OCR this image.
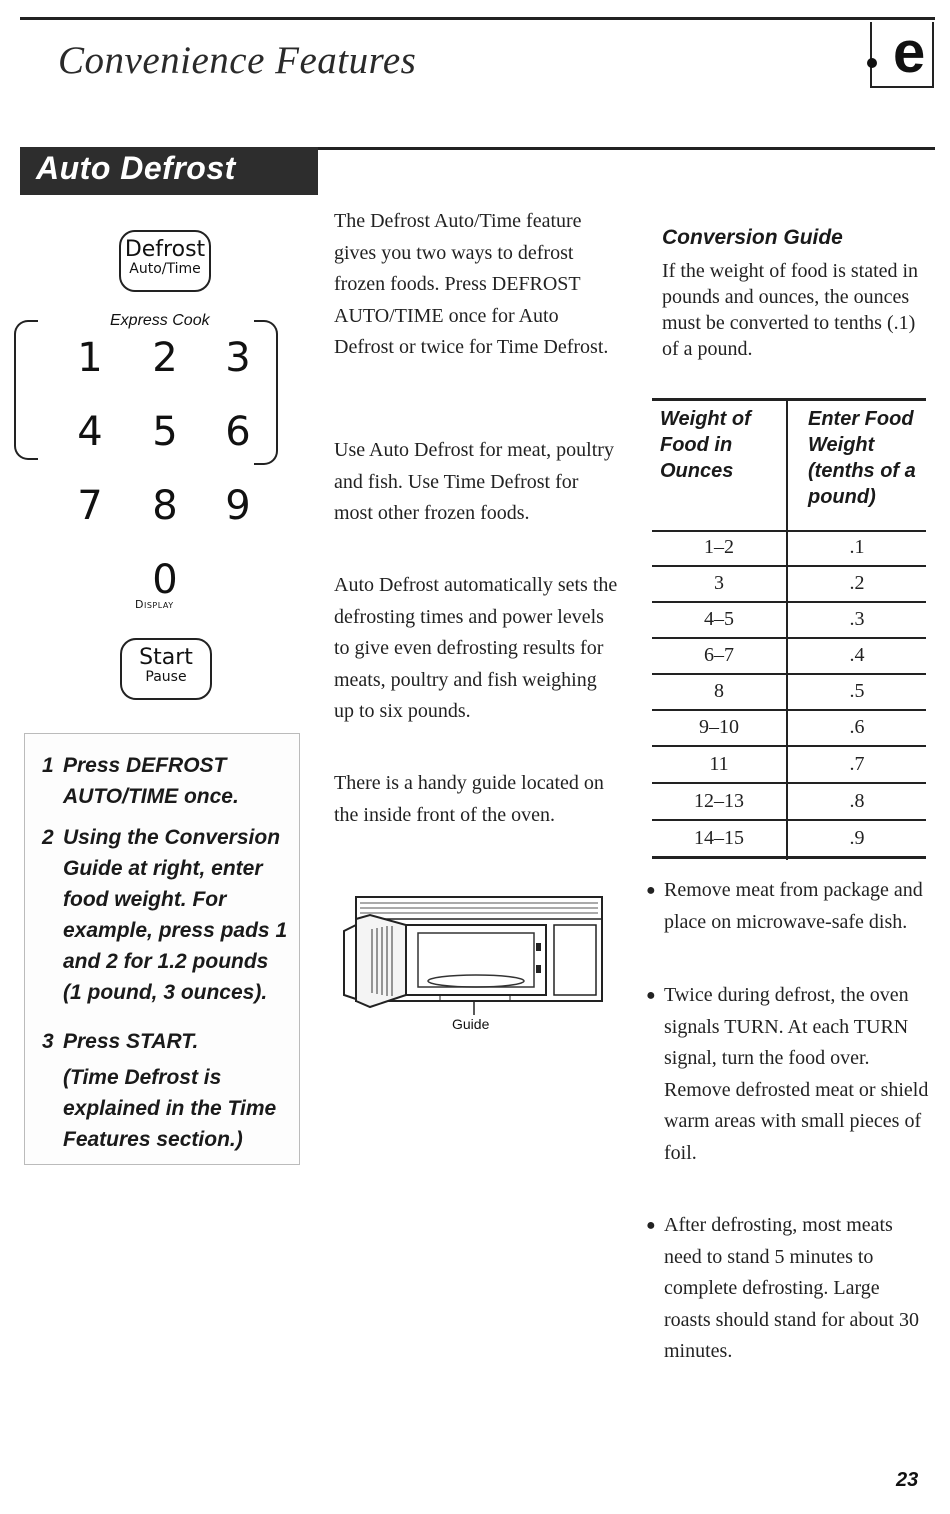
Convenience Features	e
Auto Defrost
Defrost
Auto/Time
Express Cook
1	2	3
4	5	6
7	8	9
0
Display
Start
Pause
1 Press DEFROST AUTO/TIME once.
2 Using the Conversion Guide at right, enter food weight. For example, press pads 1 and 2 for 1.2 pounds (1 pound, 3 ounces).
3 Press START.
(Time Defrost is explained in the Time Features section.)
The Defrost Auto/Time feature gives you two ways to defrost frozen foods. Press DEFROST AUTO/TIME once for Auto Defrost or twice for Time Defrost.
Use Auto Defrost for meat, poultry and fish. Use Time Defrost for most other frozen foods.
Auto Defrost automatically sets the defrosting times and power levels to give even defrosting results for meats, poultry and fish weighing up to six pounds.
There is a handy guide located on the inside front of the oven.
Guide
Conversion Guide
If the weight of food is stated in pounds and ounces, the ounces must be converted to tenths (.1) of a pound.
Weight of Food in Ounces
Enter Food Weight (tenths of a pound)
1–2	.1
3	.2
4–5	.3
6–7	.4
8	.5
9–10	.6
11	.7
12–13	.8
14–15	.9
● Remove meat from package and place on microwave-safe dish.
● Twice during defrost, the oven signals TURN. At each TURN signal, turn the food over. Remove defrosted meat or shield warm areas with small pieces of foil.
● After defrosting, most meats need to stand 5 minutes to complete defrosting. Large roasts should stand for about 30 minutes.
23
